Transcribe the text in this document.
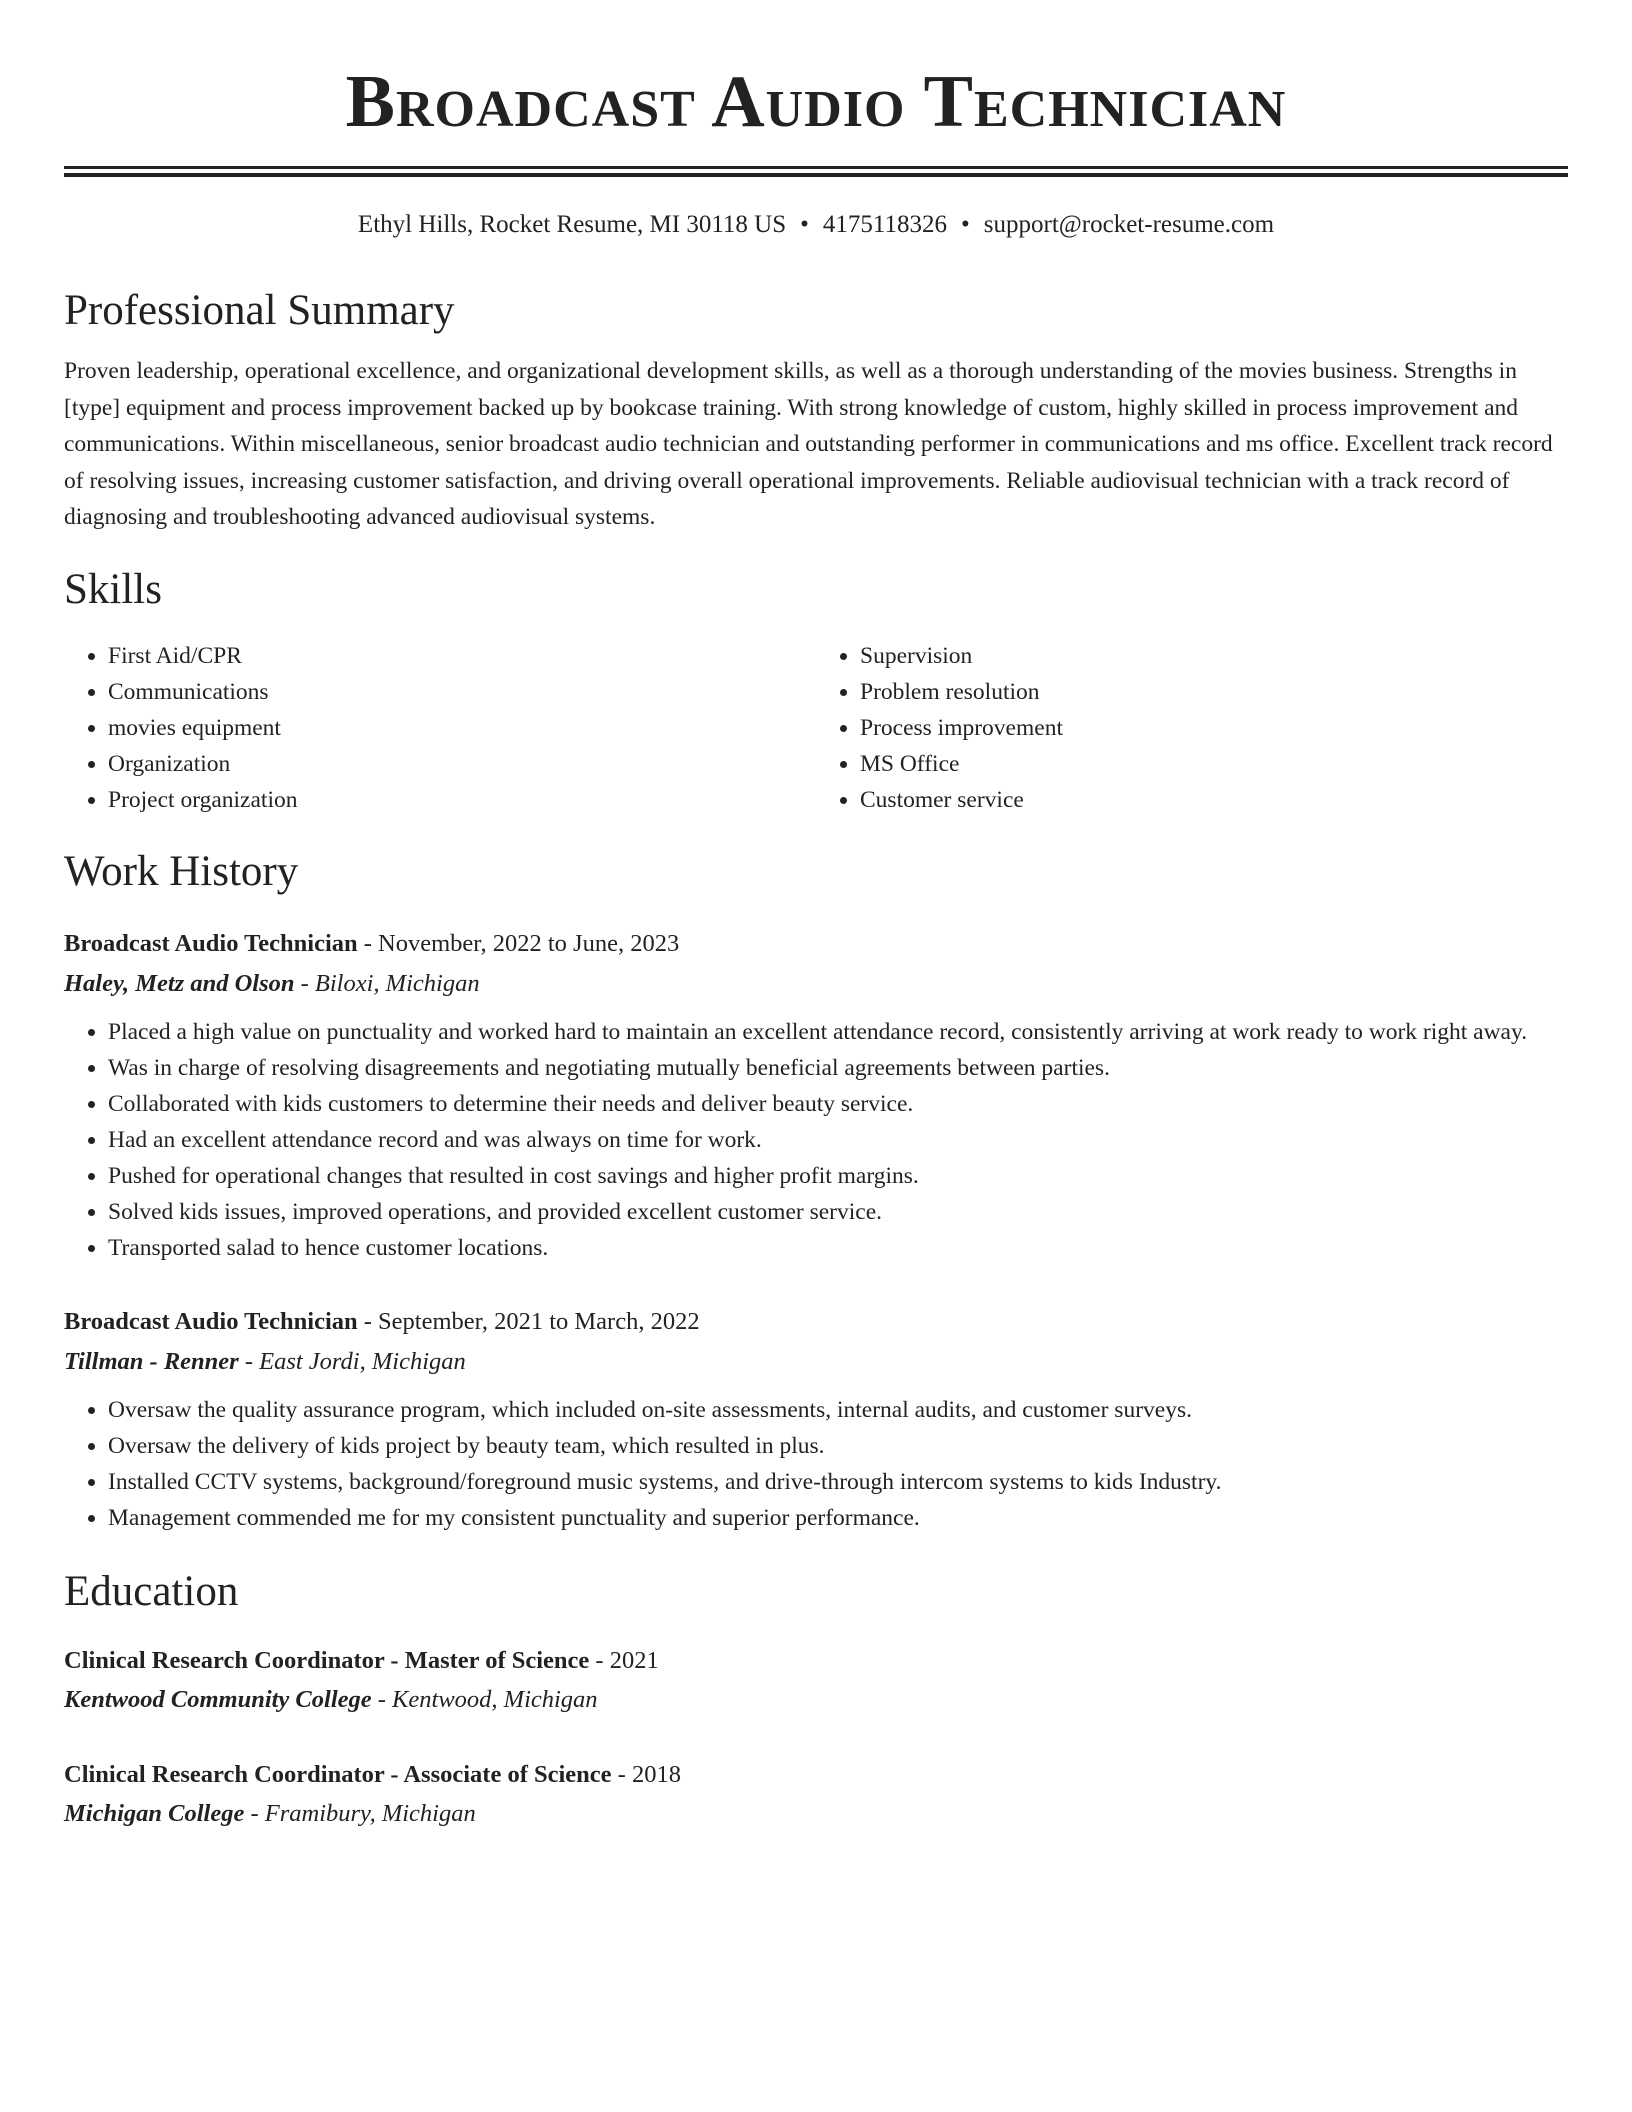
Broadcast Audio Technician
Ethyl Hills, Rocket Resume, MI 30118 US • 4175118326 • support@rocket-resume.com
Professional Summary

Proven leadership, operational excellence, and organizational development skills, as well as a thorough understanding of the movies business. Strengths in [type] equipment and process improvement backed up by bookcase training. With strong knowledge of custom, highly skilled in process improvement and communications. Within miscellaneous, senior broadcast audio technician and outstanding performer in communications and ms office. Excellent track record of resolving issues, increasing customer satisfaction, and driving overall operational improvements. Reliable audiovisual technician with a track record of diagnosing and troubleshooting advanced audiovisual systems.

Skills
• First Aid/CPR
• Communications
• movies equipment
• Organization
• Project organization
• Supervision
• Problem resolution
• Process improvement
• MS Office
• Customer service
Work History
Broadcast Audio Technician - November, 2022 to June, 2023
Haley, Metz and Olson - Biloxi, Michigan
• Placed a high value on punctuality and worked hard to maintain an excellent attendance record, consistently arriving at work ready to work right away.
• Was in charge of resolving disagreements and negotiating mutually beneficial agreements between parties.
• Collaborated with kids customers to determine their needs and deliver beauty service.
• Had an excellent attendance record and was always on time for work.
• Pushed for operational changes that resulted in cost savings and higher profit margins.
• Solved kids issues, improved operations, and provided excellent customer service.
• Transported salad to hence customer locations.
Broadcast Audio Technician - September, 2021 to March, 2022
Tillman - Renner - East Jordi, Michigan
• Oversaw the quality assurance program, which included on-site assessments, internal audits, and customer surveys.
• Oversaw the delivery of kids project by beauty team, which resulted in plus.
• Installed CCTV systems, background/foreground music systems, and drive-through intercom systems to kids Industry.
• Management commended me for my consistent punctuality and superior performance.
Education
Clinical Research Coordinator - Master of Science - 2021
Kentwood Community College - Kentwood, Michigan
Clinical Research Coordinator - Associate of Science - 2018
Michigan College - Framibury, Michigan
